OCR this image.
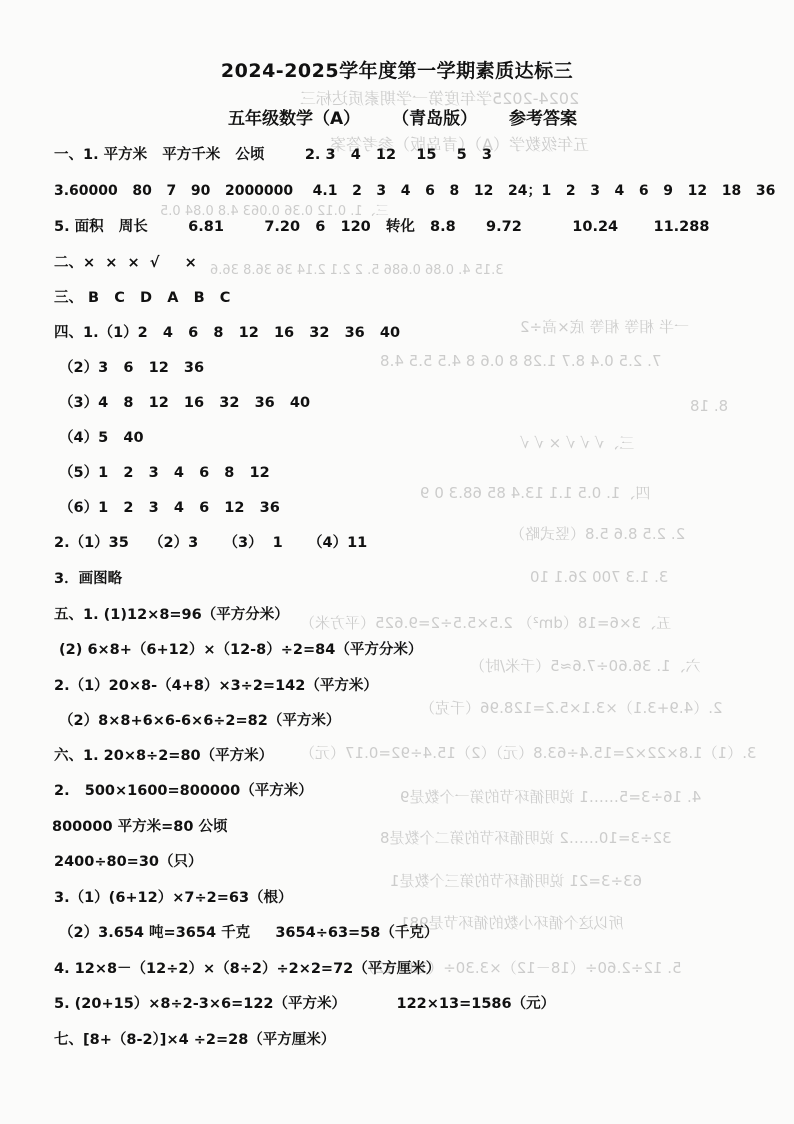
2024-2025学年度第一学期素质达标三
五年级数学（A）（青岛版）参考答案
三、1. 0.12 0.36 0.063 4.8 0.84 0.5
3.15 4. 0.86 0.686 5. 2 2.1 2.14 36 36.8 36.6
一半 相等 相等 底×高÷2
7. 2.5 0.4 8.7 1.28 8 0.6 8 4.5 5.5 4.8
8. 18
三、√ √ √ × √ √
四、1. 0.5 1.1 13.4 85 68.3 0 9
2. 2.5 8.6 5.8（竖式略）
3. 1.3 700 26.1 10
五、3×6=18（dm²） 2.5×5.5÷2=9.625（平方米）
六、1. 36.60÷7.6≈5（千米/时）
2.（4.9+3.1）×3.1×5.2=128.96（千克）
3.（1）1.8×22×2=15.4÷63.8（元）（2）15.4÷92=0.17（元）
4. 16÷3=5……1 说明循环节的第一个数是9
32÷3=10……2 说明循环节的第二个数是8
63÷3=21 说明循环节的第三个数是1
所以这个循环小数的循环节是981
5. 12÷2.60÷（18－12）×3.30÷（18－12）
2024-2025学年度第一学期素质达标三
五年级数学（A） （青岛版） 参考答案
一、1. 平方米   平方千米   公顷        2. 3   4   12    15    5   3
3.60000   80   7   90   2000000    4.1   2   3   4   6   8   12   24；1   2   3   4   6   9   12   18   36
5. 面积   周长        6.81        7.20   6   120   转化   8.8      9.72          10.24       11.288
二、×  ×  ×  √     ×
三、 B   C   D   A   B   C
四、1.（1）2   4   6   8   12   16   32   36   40
（2）3   6   12   36
（3）4   8   12   16   32   36   40
（4）5   40
（5）1   2   3   4   6   8   12
（6）1   2   3   4   6   12   36
2.（1）35    （2）3     （3）  1     （4）11
3．画图略
五、1. (1)12×8=96（平方分米）
(2) 6×8+（6+12）×（12-8）÷2=84（平方分米）
2.（1）20×8-（4+8）×3÷2=142（平方米）
（2）8×8+6×6-6×6÷2=82（平方米）
六、1. 20×8÷2=80（平方米）
2.   500×1600=800000（平方米）
800000 平方米=80 公顷
2400÷80=30（只）
3.（1）(6+12）×7÷2=63（根）
（2）3.654 吨=3654 千克     3654÷63=58（千克）
4. 12×8－（12÷2）×（8÷2）÷2×2=72（平方厘米）
5. (20+15）×8÷2-3×6=122（平方米）          122×13=1586（元）
七、[8+（8-2）]×4 ÷2=28（平方厘米）
